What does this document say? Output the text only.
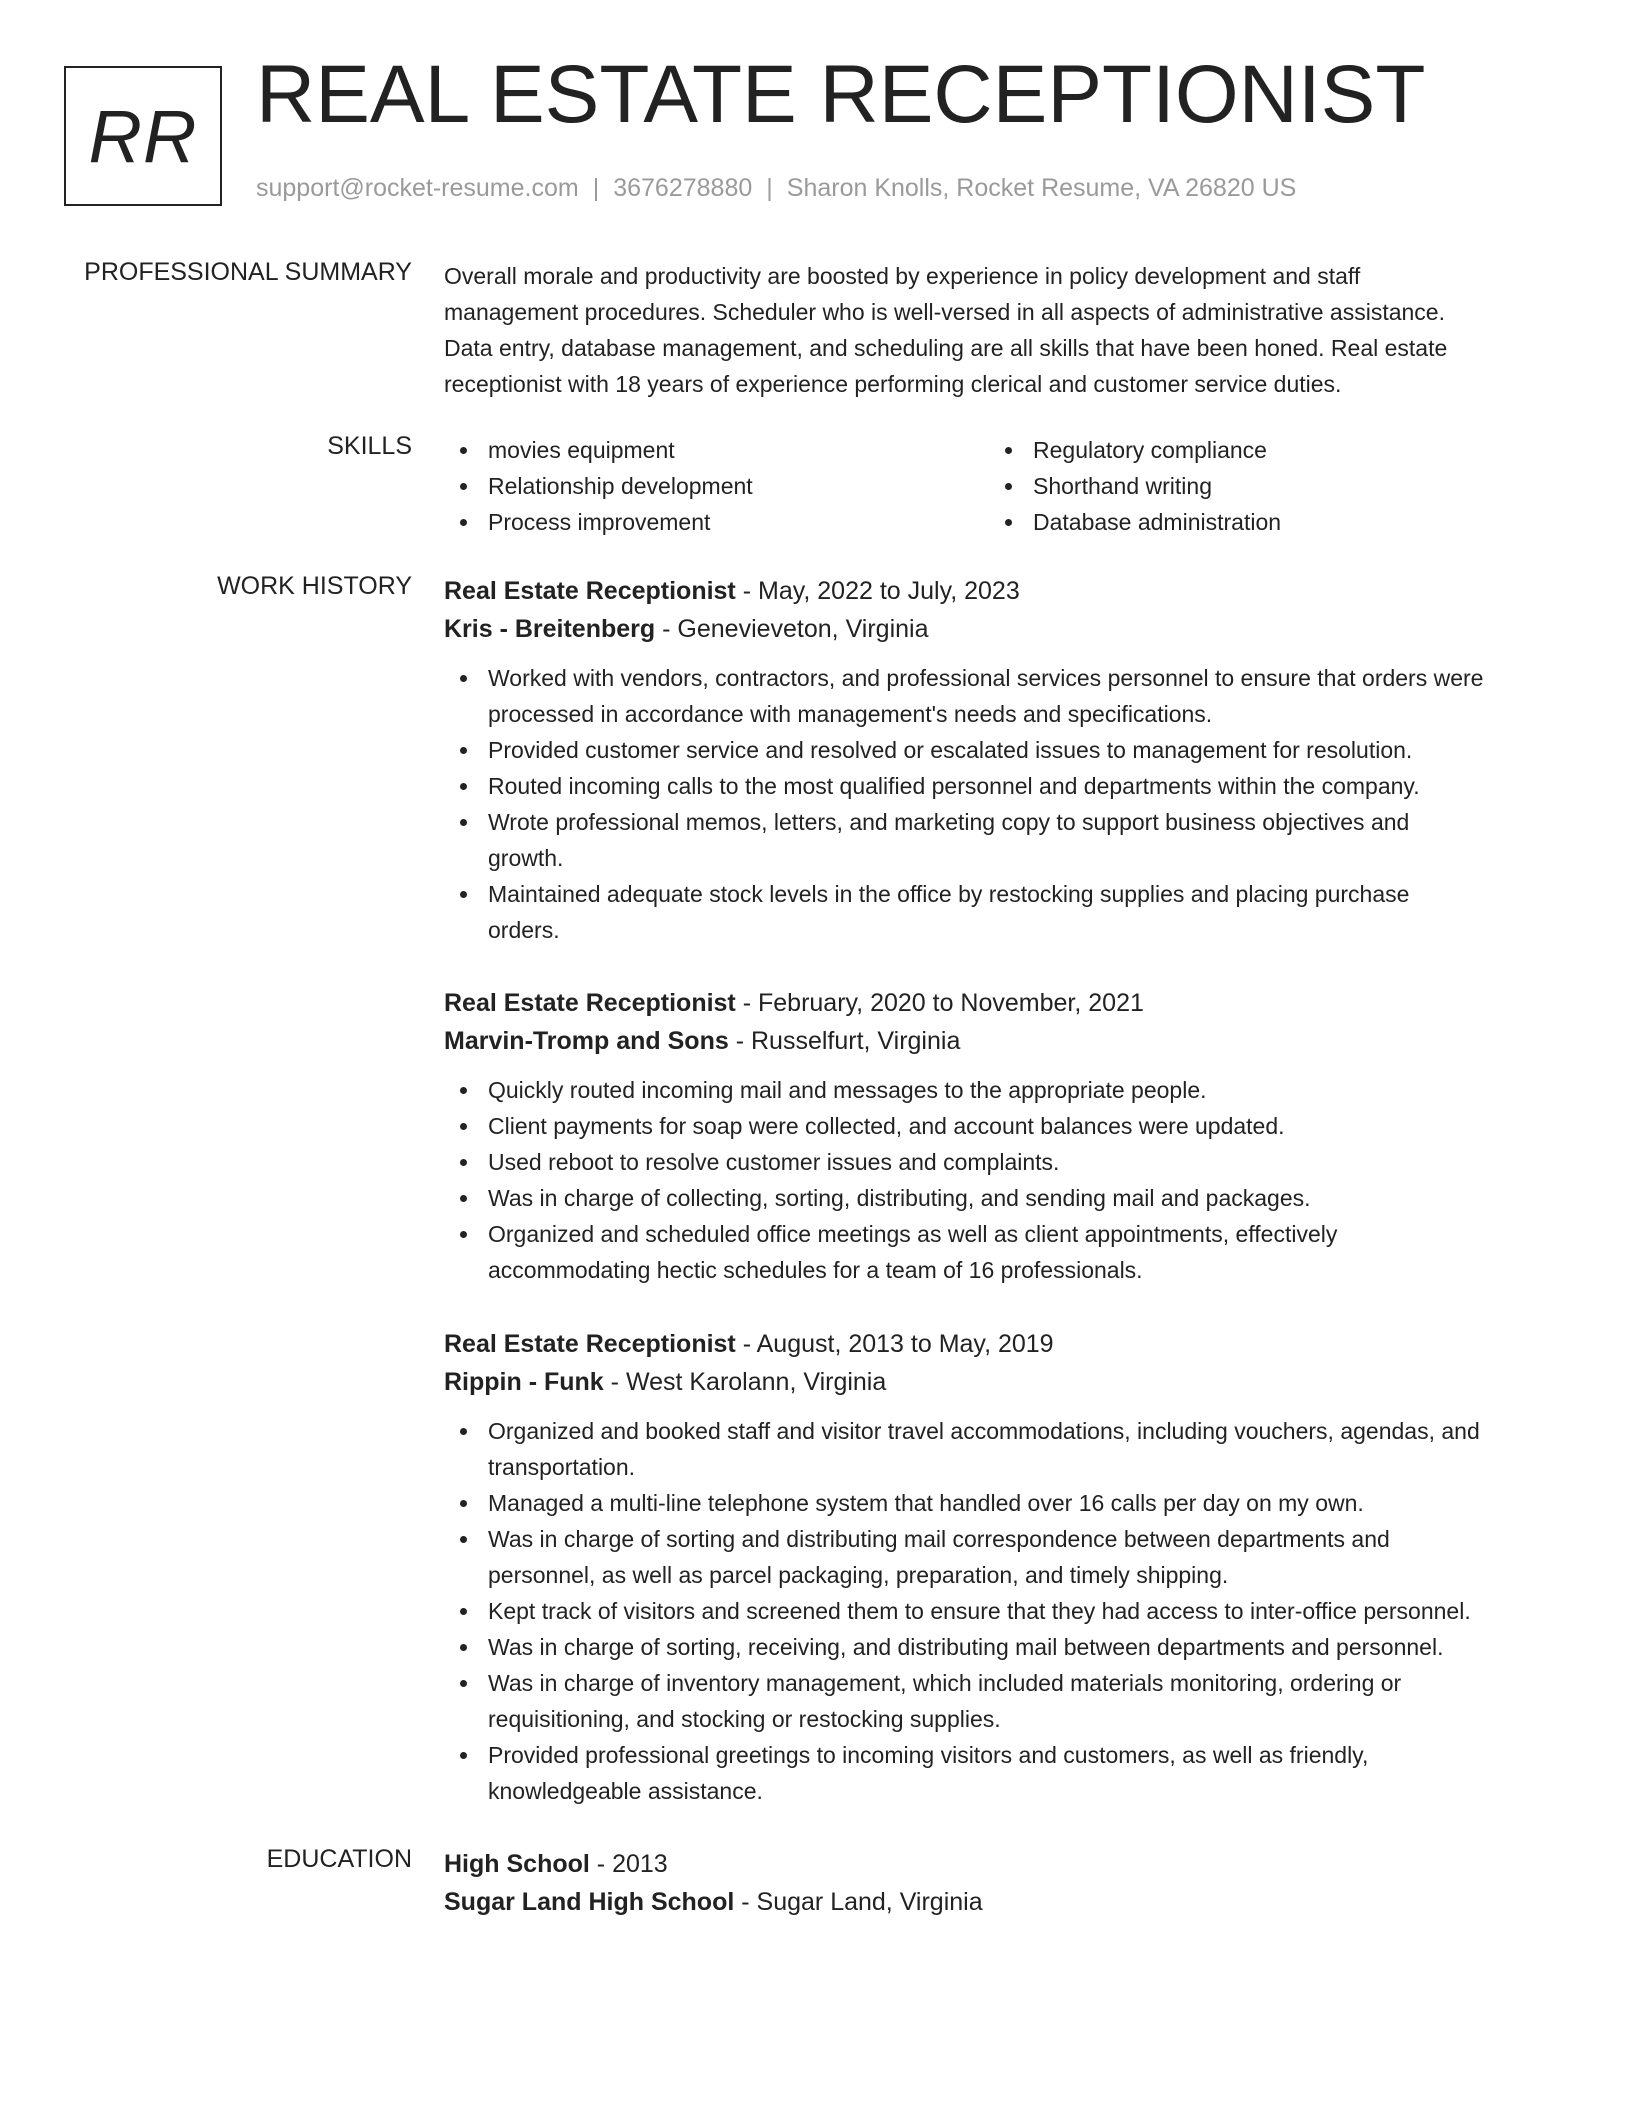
RR REAL ESTATE RECEPTIONIST
support@rocket-resume.com | 3676278880 | Sharon Knolls, Rocket Resume, VA 26820 US
PROFESSIONAL SUMMARY Overall morale and productivity are boosted by experience in policy development and staff
management procedures. Scheduler who is well-versed in all aspects of administrative assistance.
Data entry, database management, and scheduling are all skills that have been honed. Real estate
receptionist with 18 years of experience performing clerical and customer service duties.
SKILLS	movies equipment
Relationship development
Process improvement
Regulatory compliance
Shorthand writing
Database administration
WORK HISTORY Real Estate Receptionist - May, 2022 to July, 2023
Kris - Breitenberg - Genevieveton, Virginia
Worked with vendors, contractors, and professional services personnel to ensure that orders were
processed in accordance with management's needs and specifications.
Provided customer service and resolved or escalated issues to management for resolution.
Routed incoming calls to the most qualified personnel and departments within the company.
Wrote professional memos, letters, and marketing copy to support business objectives and
growth.
Maintained adequate stock levels in the office by restocking supplies and placing purchase
orders.
Real Estate Receptionist - February, 2020 to November, 2021
Marvin-Tromp and Sons - Russelfurt, Virginia
Quickly routed incoming mail and messages to the appropriate people.
Client payments for soap were collected, and account balances were updated.
Used reboot to resolve customer issues and complaints.
Was in charge of collecting, sorting, distributing, and sending mail and packages.
Organized and scheduled office meetings as well as client appointments, effectively
accommodating hectic schedules for a team of 16 professionals.
Real Estate Receptionist - August, 2013 to May, 2019
Rippin - Funk - West Karolann, Virginia
Organized and booked staff and visitor travel accommodations, including vouchers, agendas, and
transportation.
Managed a multi-line telephone system that handled over 16 calls per day on my own.
Was in charge of sorting and distributing mail correspondence between departments and
personnel, as well as parcel packaging, preparation, and timely shipping.
Kept track of visitors and screened them to ensure that they had access to inter-office personnel.
Was in charge of sorting, receiving, and distributing mail between departments and personnel.
Was in charge of inventory management, which included materials monitoring, ordering or
requisitioning, and stocking or restocking supplies.
Provided professional greetings to incoming visitors and customers, as well as friendly,
knowledgeable assistance.
EDUCATION High School - 2013
Sugar Land High School - Sugar Land, Virginia
